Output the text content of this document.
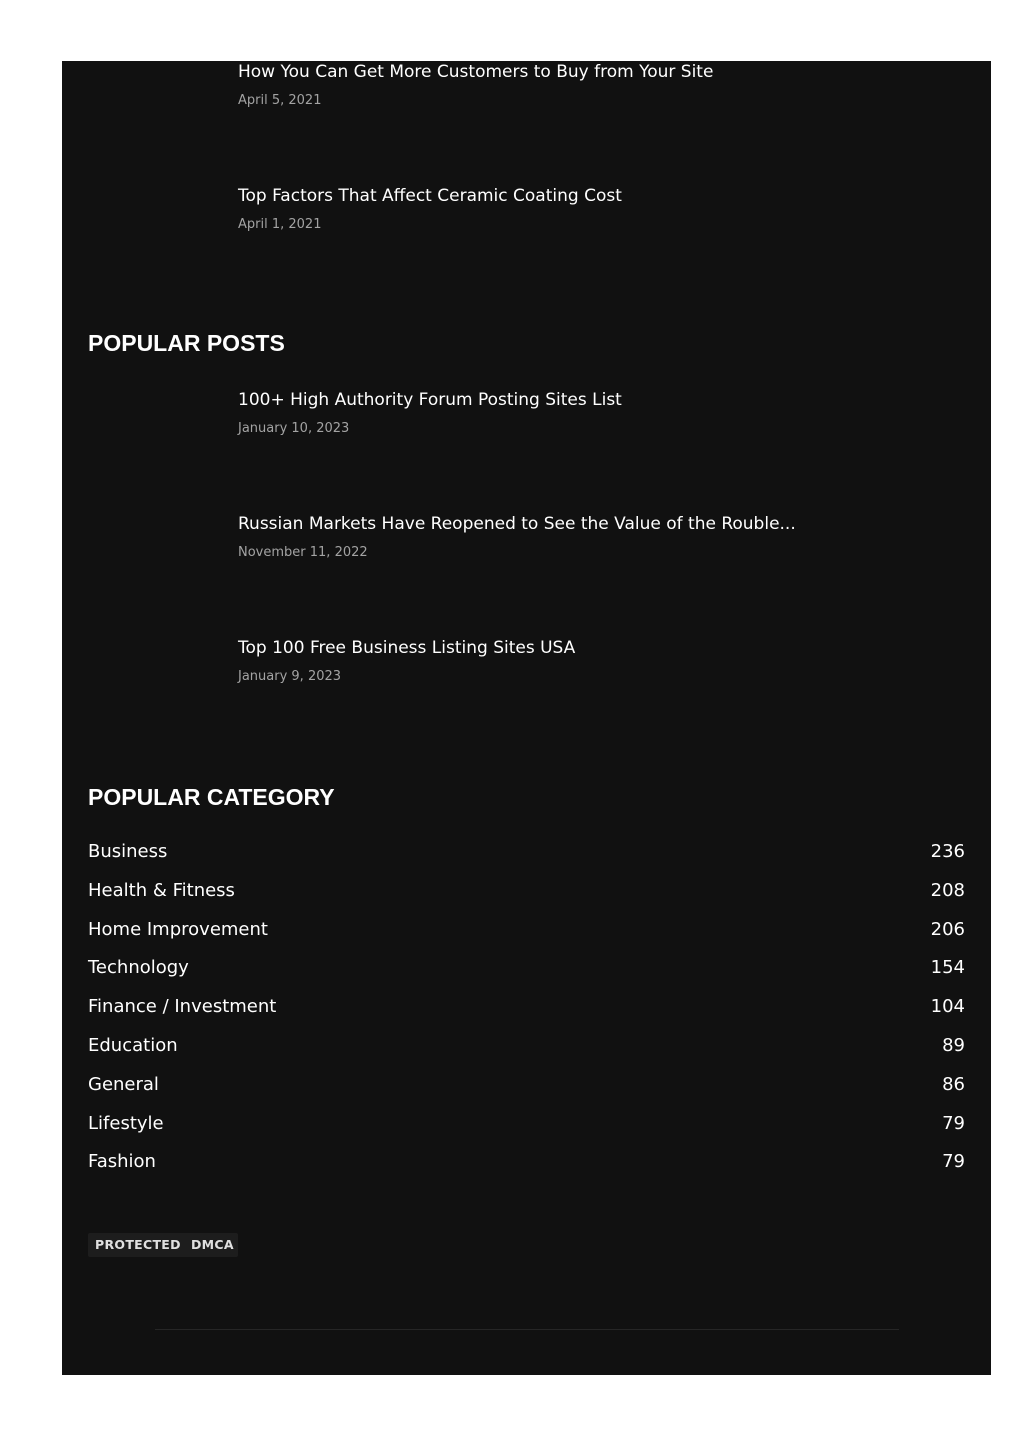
How You Can Get More Customers to Buy from Your Site
April 5, 2021
Top Factors That Affect Ceramic Coating Cost
April 1, 2021
POPULAR POSTS
100+ High Authority Forum Posting Sites List
January 10, 2023
Russian Markets Have Reopened to See the Value of the Rouble...
November 11, 2022
Top 100 Free Business Listing Sites USA
January 9, 2023
POPULAR CATEGORY
Business	236
Health & Fitness	208
Home Improvement	206
Technology	154
Finance / Investment	104
Education	89
General	86
Lifestyle	79
Fashion	79
PROTECTED DMCA
